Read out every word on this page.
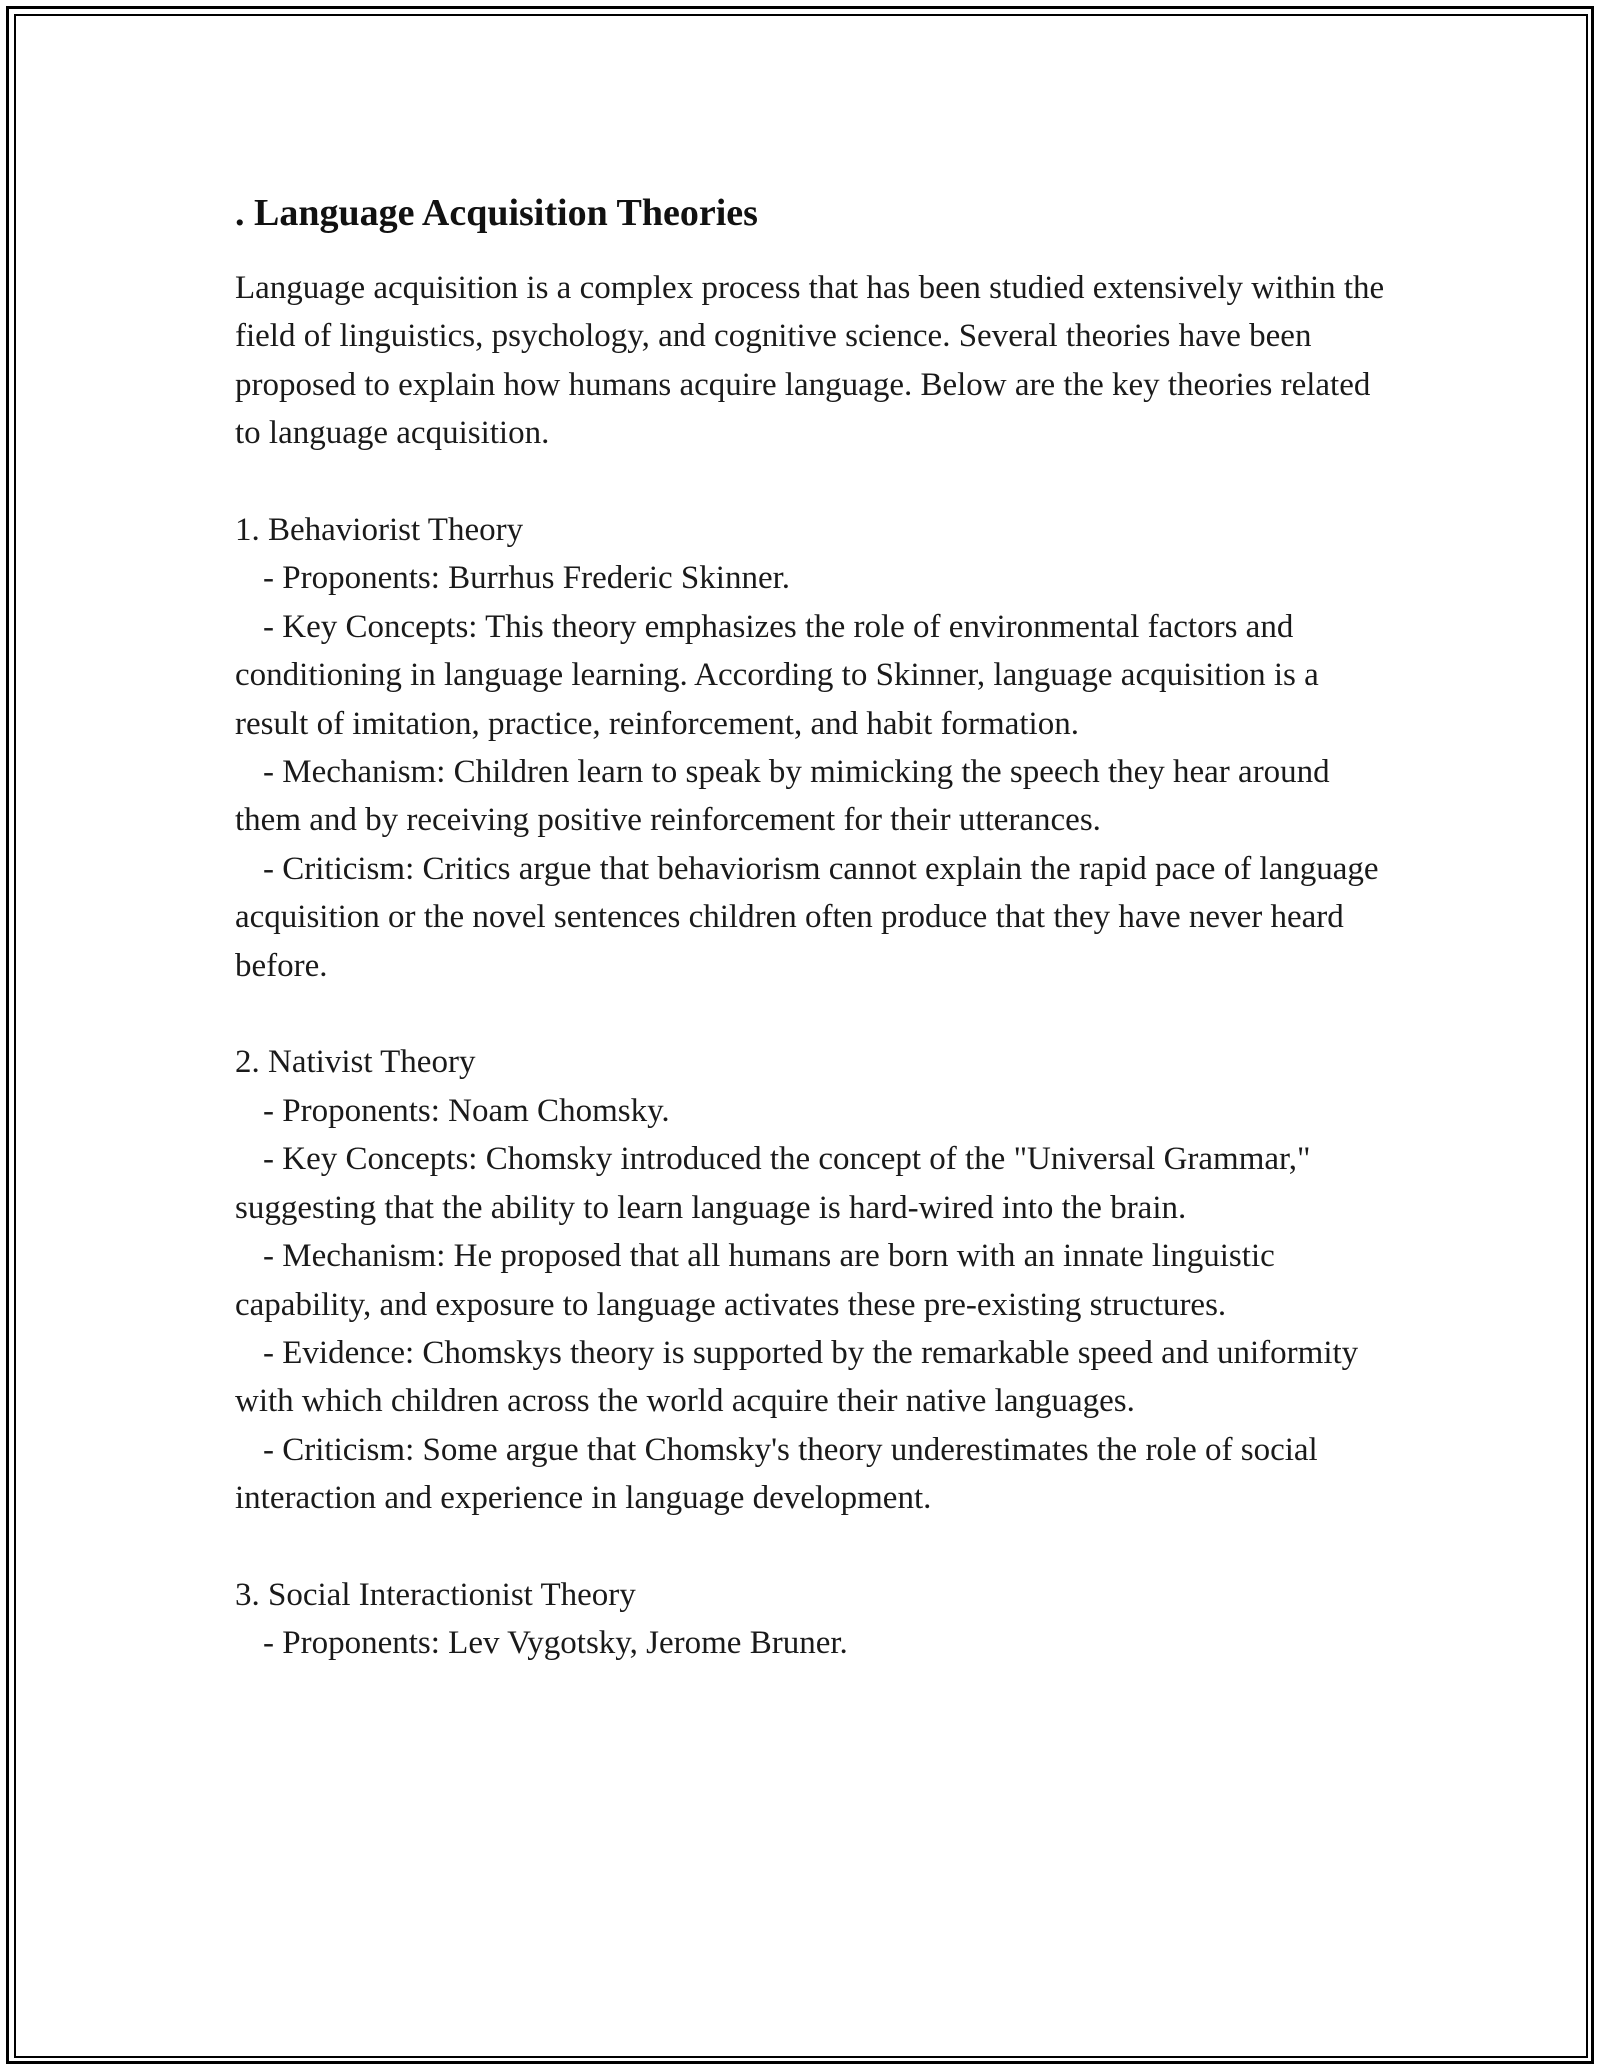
. Language Acquisition Theories

Language acquisition is a complex process that has been studied extensively within the field of linguistics, psychology, and cognitive science. Several theories have been proposed to explain how humans acquire language. Below are the key theories related to language acquisition.

1. Behaviorist Theory

- Proponents: Burrhus Frederic Skinner.

- Key Concepts: This theory emphasizes the role of environmental factors and conditioning in language learning. According to Skinner, language acquisition is a result of imitation, practice, reinforcement, and habit formation.

- Mechanism: Children learn to speak by mimicking the speech they hear around them and by receiving positive reinforcement for their utterances.

- Criticism: Critics argue that behaviorism cannot explain the rapid pace of language acquisition or the novel sentences children often produce that they have never heard before.

2. Nativist Theory

- Proponents: Noam Chomsky.

- Key Concepts: Chomsky introduced the concept of the "Universal Grammar," suggesting that the ability to learn language is hard-wired into the brain.

- Mechanism: He proposed that all humans are born with an innate linguistic capability, and exposure to language activates these pre-existing structures.

- Evidence: Chomskys theory is supported by the remarkable speed and uniformity with which children across the world acquire their native languages.

- Criticism: Some argue that Chomsky's theory underestimates the role of social interaction and experience in language development.

3. Social Interactionist Theory

- Proponents: Lev Vygotsky, Jerome Bruner.
